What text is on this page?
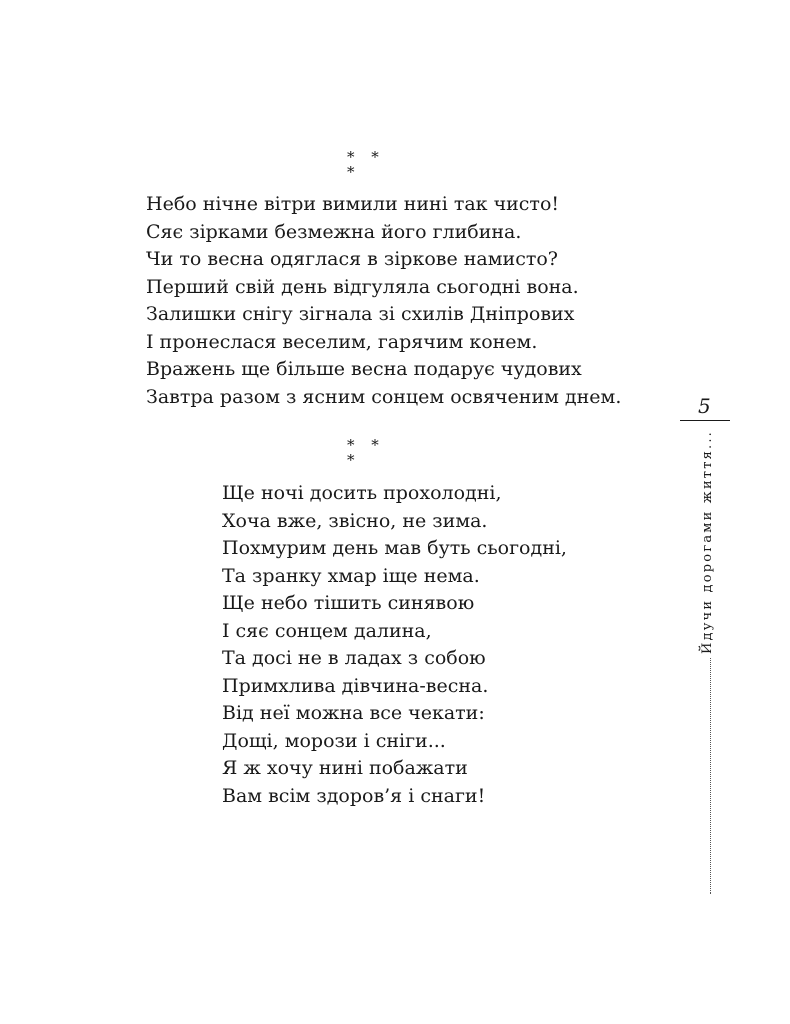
* * *
Небо нічне вітри вимили нині так чисто!
Сяє зірками безмежна його глибина.
Чи то весна одяглася в зіркове намисто?
Перший свій день відгуляла сьогодні вона.
Залишки снігу зігнала зі схилів Дніпрових
І пронеслася веселим, гарячим конем.
Вражень ще більше весна подарує чудових
Завтра разом з ясним сонцем освяченим днем.
* * *
Ще ночі досить прохолодні,
Хоча вже, звісно, не зима.
Похмурим день мав буть сьогодні,
Та зранку хмар іще нема.
Ще небо тішить синявою
І сяє сонцем далина,
Та досі не в ладах з собою
Примхлива дівчина-весна.
Від неї можна все чекати:
Дощі, морози і сніги...
Я ж хочу нині побажати
Вам всім здоров’я і снаги!
5
Йдучи дорогами життя...
